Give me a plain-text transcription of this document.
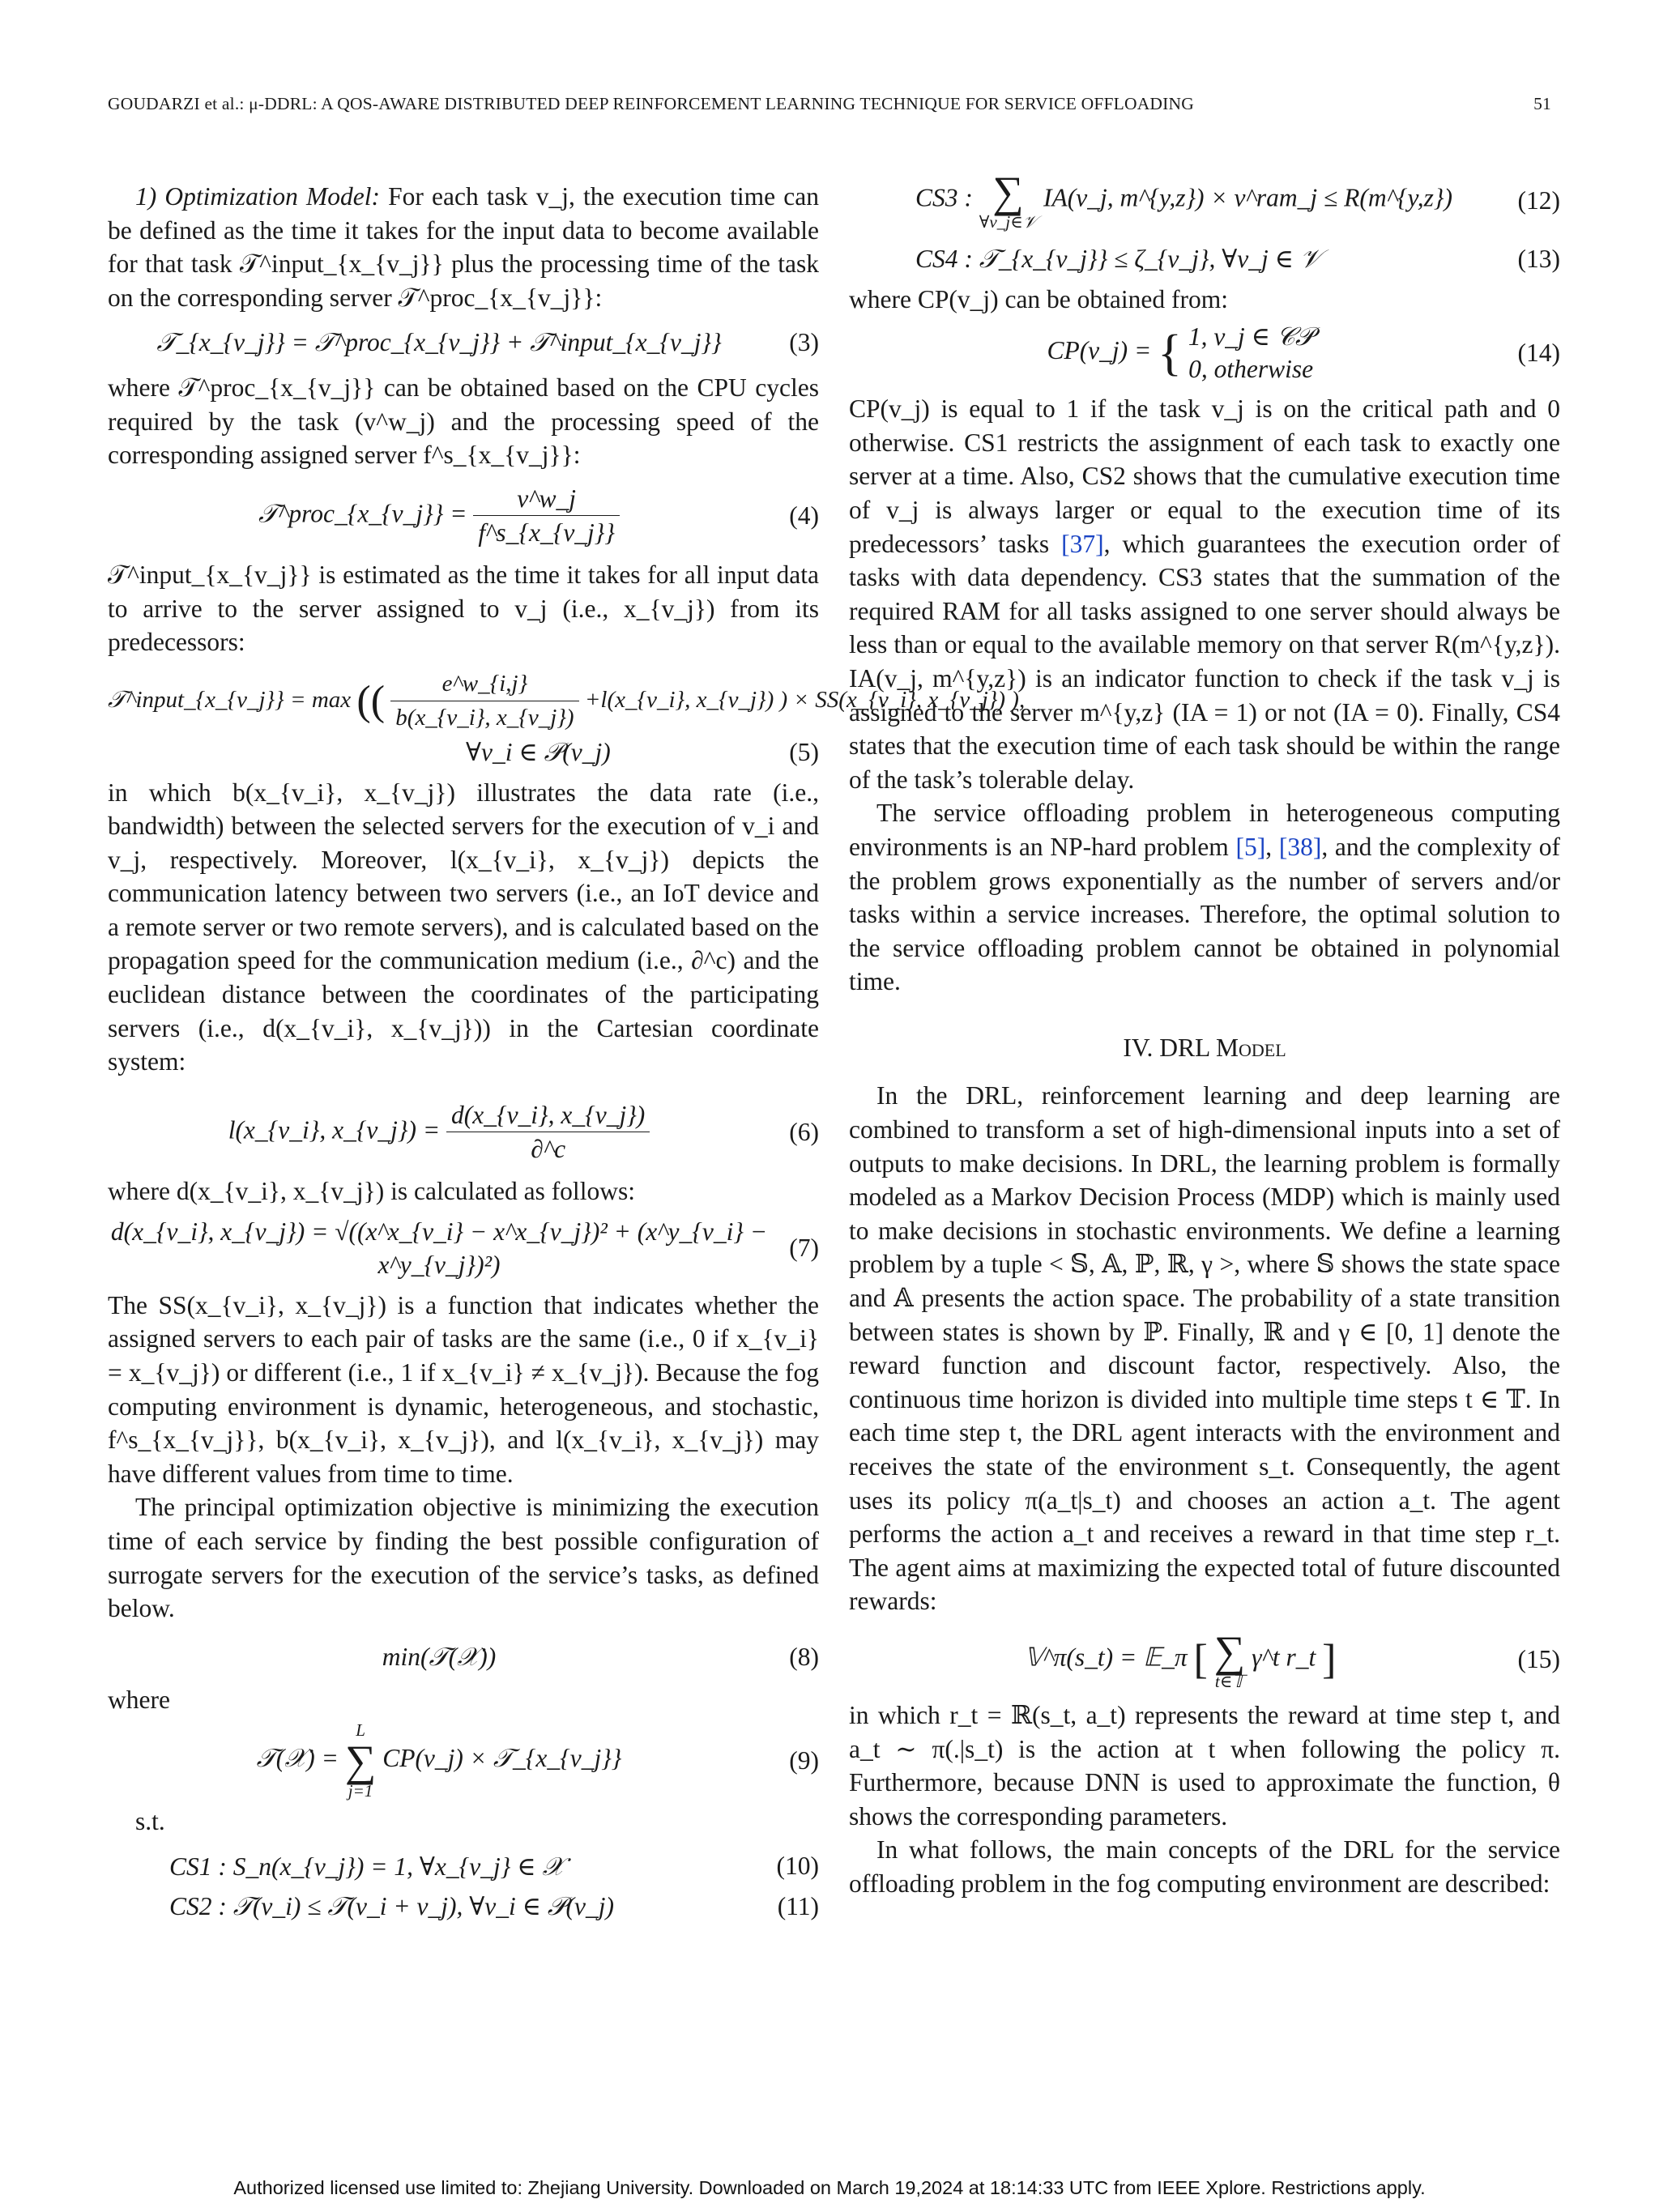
GOUDARZI et al.: μ-DDRL: A QOS-AWARE DISTRIBUTED DEEP REINFORCEMENT LEARNING TECHNIQUE FOR SERVICE OFFLOADING	51

1) Optimization Model: For each task v_j, the execution time can be defined as the time it takes for the input data to become available for that task 𝒯^input_{x_{v_j}} plus the processing time of the task on the corresponding server 𝒯^proc_{x_{v_j}}:

𝒯_{x_{v_j}} = 𝒯^proc_{x_{v_j}} + 𝒯^input_{x_{v_j}}	(3)

where 𝒯^proc_{x_{v_j}} can be obtained based on the CPU cycles required by the task (v^w_j) and the processing speed of the corresponding assigned server f^s_{x_{v_j}}:

𝒯^proc_{x_{v_j}} = $\frac{v\^{}w\_j}{f\^{}s\_\{x\_\{v\_j\}\}}$	(4)

𝒯^input_{x_{v_j}} is estimated as the time it takes for all input data to arrive to the server assigned to v_j (i.e., x_{v_j}) from its predecessors:

𝒯^input_{x_{v_j}} = max (( $\frac{e\^{}w\_\{i,j\}}{b(x\_\{v\_i\}, x\_\{v\_j\})}$ +l(x_{v_i}, x_{v_j}) ) × SS(x_{v_i}, x_{v_j}) ),
∀v_i ∈ 𝒫(v_j)	(5)

in which b(x_{v_i}, x_{v_j}) illustrates the data rate (i.e., bandwidth) between the selected servers for the execution of v_i and v_j, respectively. Moreover, l(x_{v_i}, x_{v_j}) depicts the communication latency between two servers (i.e., an IoT device and a remote server or two remote servers), and is calculated based on the propagation speed for the communication medium (i.e., ∂^c) and the euclidean distance between the coordinates of the participating servers (i.e., d(x_{v_i}, x_{v_j})) in the Cartesian coordinate system:

l(x_{v_i}, x_{v_j}) = $\frac{d(x\_\{v\_i\}, x\_\{v\_j\})}{\partial\^{}c}$	(6)

where d(x_{v_i}, x_{v_j}) is calculated as follows:

d(x_{v_i}, x_{v_j}) = √((x^x_{v_i} − x^x_{v_j})² + (x^y_{v_i} − x^y_{v_j})²)
(7)

The SS(x_{v_i}, x_{v_j}) is a function that indicates whether the assigned servers to each pair of tasks are the same (i.e., 0 if x_{v_i} = x_{v_j}) or different (i.e., 1 if x_{v_i} ≠ x_{v_j}). Because the fog computing environment is dynamic, heterogeneous, and stochastic, f^s_{x_{v_j}}, b(x_{v_i}, x_{v_j}), and l(x_{v_i}, x_{v_j}) may have different values from time to time.

The principal optimization objective is minimizing the execution time of each service by finding the best possible configuration of surrogate servers for the execution of the service’s tasks, as defined below.

min(𝒯(𝒳))	(8)

where

𝒯(𝒳) =
L
∑
j=1
CP(v_j) × 𝒯_{x_{v_j}}	(9)

s.t.

CS1 : S_n(x_{v_j}) = 1, ∀x_{v_j} ∈ 𝒳	(10)
CS2 : 𝒯(v_i) ≤ 𝒯(v_i + v_j), ∀v_i ∈ 𝒫(v_j)	(11)
CS3 : ∑
∀v_j∈𝒱
IA(v_j, m^{y,z}) × v^ram_j ≤ R(m^{y,z})	(12)
CS4 : 𝒯_{x_{v_j}} ≤ ζ_{v_j}, ∀v_j ∈ 𝒱	(13)

where CP(v_j) can be obtained from:

CP(v_j) = { 1, v_j ∈ 𝒞𝒫
0, otherwise
(14)

CP(v_j) is equal to 1 if the task v_j is on the critical path and 0 otherwise. CS1 restricts the assignment of each task to exactly one server at a time. Also, CS2 shows that the cumulative execution time of v_j is always larger or equal to the execution time of its predecessors’ tasks [37], which guarantees the execution order of tasks with data dependency. CS3 states that the summation of the required RAM for all tasks assigned to one server should always be less than or equal to the available memory on that server R(m^{y,z}). IA(v_j, m^{y,z}) is an indicator function to check if the task v_j is assigned to the server m^{y,z} (IA = 1) or not (IA = 0). Finally, CS4 states that the execution time of each task should be within the range of the task’s tolerable delay.

The service offloading problem in heterogeneous computing environments is an NP-hard problem [5], [38], and the complexity of the problem grows exponentially as the number of servers and/or tasks within a service increases. Therefore, the optimal solution to the service offloading problem cannot be obtained in polynomial time.

IV. DRL Model

In the DRL, reinforcement learning and deep learning are combined to transform a set of high-dimensional inputs into a set of outputs to make decisions. In DRL, the learning problem is formally modeled as a Markov Decision Process (MDP) which is mainly used to make decisions in stochastic environments. We define a learning problem by a tuple < 𝕊, 𝔸, ℙ, ℝ, γ >, where 𝕊 shows the state space and 𝔸 presents the action space. The probability of a state transition between states is shown by ℙ. Finally, ℝ and γ ∈ [0, 1] denote the reward function and discount factor, respectively. Also, the continuous time horizon is divided into multiple time steps t ∈ 𝕋. In each time step t, the DRL agent interacts with the environment and receives the state of the environment s_t. Consequently, the agent uses its policy π(a_t|s_t) and chooses an action a_t. The agent performs the action a_t and receives a reward in that time step r_t. The agent aims at maximizing the expected total of future discounted rewards:

𝕍^π(s_t) = 𝔼_π [ ∑
t∈𝕋
γ^t r_t ]	(15)

in which r_t = ℝ(s_t, a_t) represents the reward at time step t, and a_t ∼ π(.|s_t) is the action at t when following the policy π. Furthermore, because DNN is used to approximate the function, θ shows the corresponding parameters.

In what follows, the main concepts of the DRL for the service offloading problem in the fog computing environment are described:

Authorized licensed use limited to: Zhejiang University. Downloaded on March 19,2024 at 18:14:33 UTC from IEEE Xplore. Restrictions apply.
